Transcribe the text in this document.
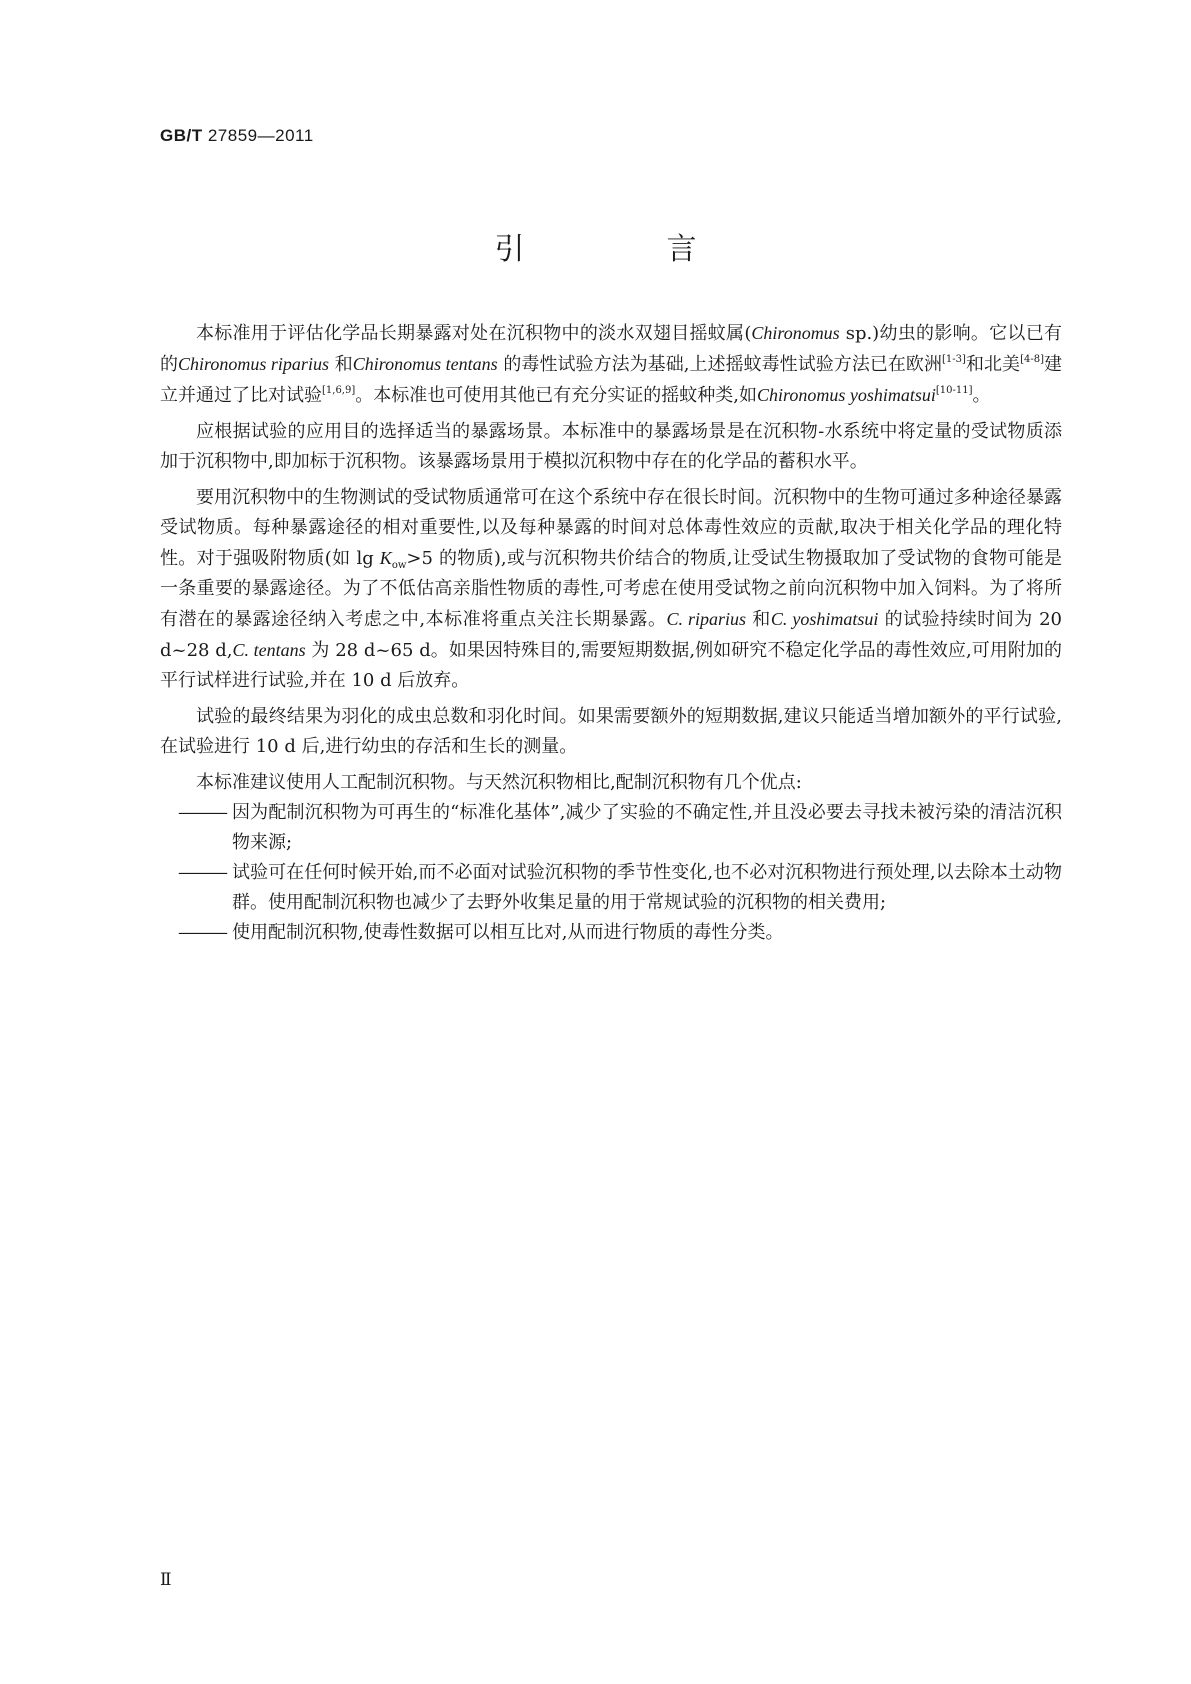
GB/T 27859—2011
引　言

本标准用于评估化学品长期暴露对处在沉积物中的淡水双翅目摇蚊属(Chironomus sp.)幼虫的影响。它以已有的Chironomus riparius 和Chironomus tentans 的毒性试验方法为基础,上述摇蚊毒性试验方法已在欧洲[1-3]和北美[4-8]建立并通过了比对试验[1,6,9]。本标准也可使用其他已有充分实证的摇蚊种类,如Chironomus yoshimatsui[10-11]。

应根据试验的应用目的选择适当的暴露场景。本标准中的暴露场景是在沉积物-水系统中将定量的受试物质添加于沉积物中,即加标于沉积物。该暴露场景用于模拟沉积物中存在的化学品的蓄积水平。

要用沉积物中的生物测试的受试物质通常可在这个系统中存在很长时间。沉积物中的生物可通过多种途径暴露受试物质。每种暴露途径的相对重要性,以及每种暴露的时间对总体毒性效应的贡献,取决于相关化学品的理化特性。对于强吸附物质(如 $\lg K_{ow}>5$ 的物质),或与沉积物共价结合的物质,让受试生物摄取加了受试物的食物可能是一条重要的暴露途径。为了不低估高亲脂性物质的毒性,可考虑在使用受试物之前向沉积物中加入饲料。为了将所有潜在的暴露途径纳入考虑之中,本标准将重点关注长期暴露。C. riparius 和C. yoshimatsui 的试验持续时间为 20 d~28 d,C. tentans 为 28 d~65 d。如果因特殊目的,需要短期数据,例如研究不稳定化学品的毒性效应,可用附加的平行试样进行试验,并在 10 d 后放弃。

试验的最终结果为羽化的成虫总数和羽化时间。如果需要额外的短期数据,建议只能适当增加额外的平行试验,在试验进行 10 d 后,进行幼虫的存活和生长的测量。

本标准建议使用人工配制沉积物。与天然沉积物相比,配制沉积物有几个优点:

——— 因为配制沉积物为可再生的“标准化基体”,减少了实验的不确定性,并且没必要去寻找未被污染的清洁沉积物来源;
——— 试验可在任何时候开始,而不必面对试验沉积物的季节性变化,也不必对沉积物进行预处理,以去除本土动物群。使用配制沉积物也减少了去野外收集足量的用于常规试验的沉积物的相关费用;
——— 使用配制沉积物,使毒性数据可以相互比对,从而进行物质的毒性分类。
Ⅱ
